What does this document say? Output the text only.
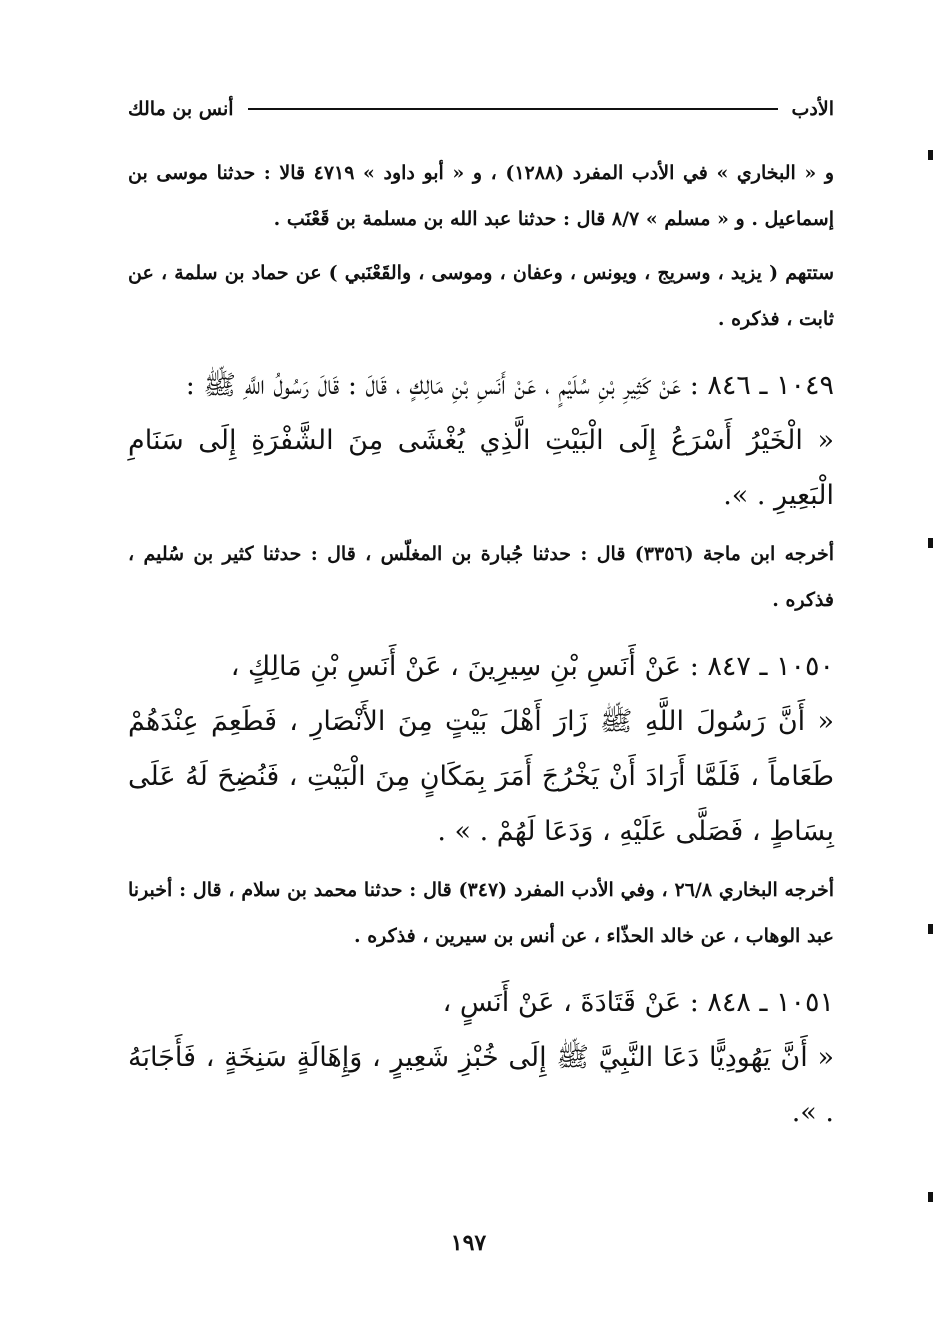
الأدب
أنس بن مالك

و « البخاري » في الأدب المفرد (١٢٨٨) ، و « أبو داود » ٤٧١٩ قالا : حدثنا موسى بن إسماعيل . و « مسلم » ٨/٧ قال : حدثنا عبد الله بن مسلمة بن قَعْنَب .

ستتهم ( يزيد ، وسريج ، ويونس ، وعفان ، وموسى ، والقَعْنَبي ) عن حماد بن سلمة ، عن ثابت ، فذكره .

١٠٤٩ ـ ٨٤٦ : عَنْ كَثِيرِ بْنِ سُلَيْمٍ ، عَنْ أَنَسِ بْنِ مَالِكٍ ، قَالَ : قَالَ رَسُولُ اللَّهِ ﷺ :

« الْخَيْرُ أَسْرَعُ إِلَى الْبَيْتِ الَّذِي يُغْشَى مِنَ الشَّفْرَةِ إِلَى سَنَامِ الْبَعِيرِ . ».

أخرجه ابن ماجة (٣٣٥٦) قال : حدثنا جُبارة بن المغلّس ، قال : حدثنا كثير بن سُليم ، فذكره .

١٠٥٠ ـ ٨٤٧ : عَنْ أَنَسِ بْنِ سِيرِينَ ، عَنْ أَنَسِ بْنِ مَالِكٍ ،

« أَنَّ رَسُولَ اللَّهِ ﷺ زَارَ أَهْلَ بَيْتٍ مِنَ الأَنْصَارِ ، فَطَعِمَ عِنْدَهُمْ طَعَاماً ، فَلَمَّا أَرَادَ أَنْ يَخْرُجَ أَمَرَ بِمَكَانٍ مِنَ الْبَيْتِ ، فَنُضِحَ لَهُ عَلَى بِسَاطٍ ، فَصَلَّى عَلَيْهِ ، وَدَعَا لَهُمْ . » .

أخرجه البخاري ٢٦/٨ ، وفي الأدب المفرد (٣٤٧) قال : حدثنا محمد بن سلام ، قال : أخبرنا عبد الوهاب ، عن خالد الحذّاء ، عن أنس بن سيرين ، فذكره .

١٠٥١ ـ ٨٤٨ : عَنْ قَتَادَةَ ، عَنْ أَنَسٍ ،

« أَنَّ يَهُودِيًّا دَعَا النَّبِيَّ ﷺ إِلَى خُبْزِ شَعِيرٍ ، وَإِهَالَةٍ سَنِخَةٍ ، فَأَجَابَهُ . ».

١٩٧
